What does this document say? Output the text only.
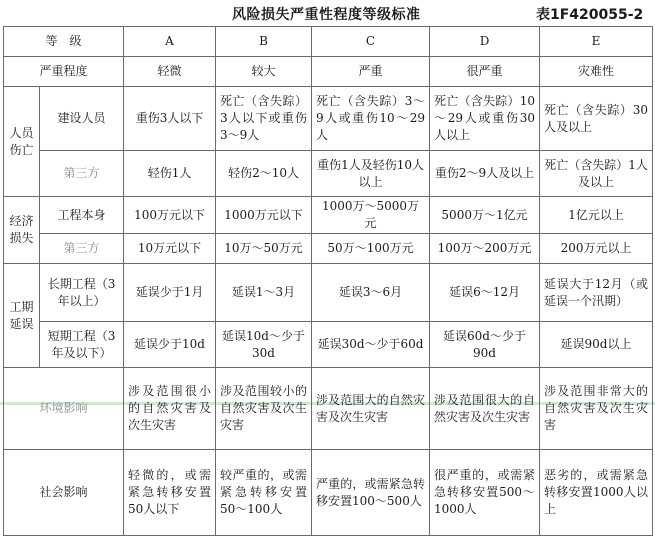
风险损失严重性程度等级标准	表1F420055-2
等　级		A	B	C	D	E
严重程度		轻微	较大	严重	很严重	灾难性
人员伤亡	建设人员	重伤3人以下	死亡（含失踪）3人以下或重伤3～9人	死亡（含失踪）3～9人或重伤10～29人	死亡（含失踪）10～29人或重伤30人以上	死亡（含失踪）30人及以上
	第三方	轻伤1人	轻伤2～10人	重伤1人及轻伤10人以上	重伤2～9人及以上	死亡（含失踪）1人及以上
经济损失	工程本身	100万元以下	1000万元以下	1000万～5000万元	5000万～1亿元	1亿元以上
	第三方	10万元以下	10万～50万元	50万～100万元	100万～200万元	200万元以上
工期延误	长期工程（3年以上）	延误少于1月	延误1～3月	延误3～6月	延误6～12月	延误大于12月（或延误一个汛期）
	短期工程（3年及以下）	延误少于10d	延误10d～少于30d	延误30d～少于60d	延误60d～少于90d	延误90d以上
环境影响		涉及范围很小的自然灾害及次生灾害	涉及范围较小的自然灾害及次生灾害	涉及范围大的自然灾害及次生灾害	涉及范围很大的自然灾害及次生灾害	涉及范围非常大的自然灾害及次生灾害
社会影响		轻微的，或需紧急转移安置50人以下	较严重的，或需紧急转移安置50～100人	严重的，或需紧急转移安置100～500人	很严重的，或需紧急转移安置500～1000人	恶劣的，或需紧急转移安置1000人以上
